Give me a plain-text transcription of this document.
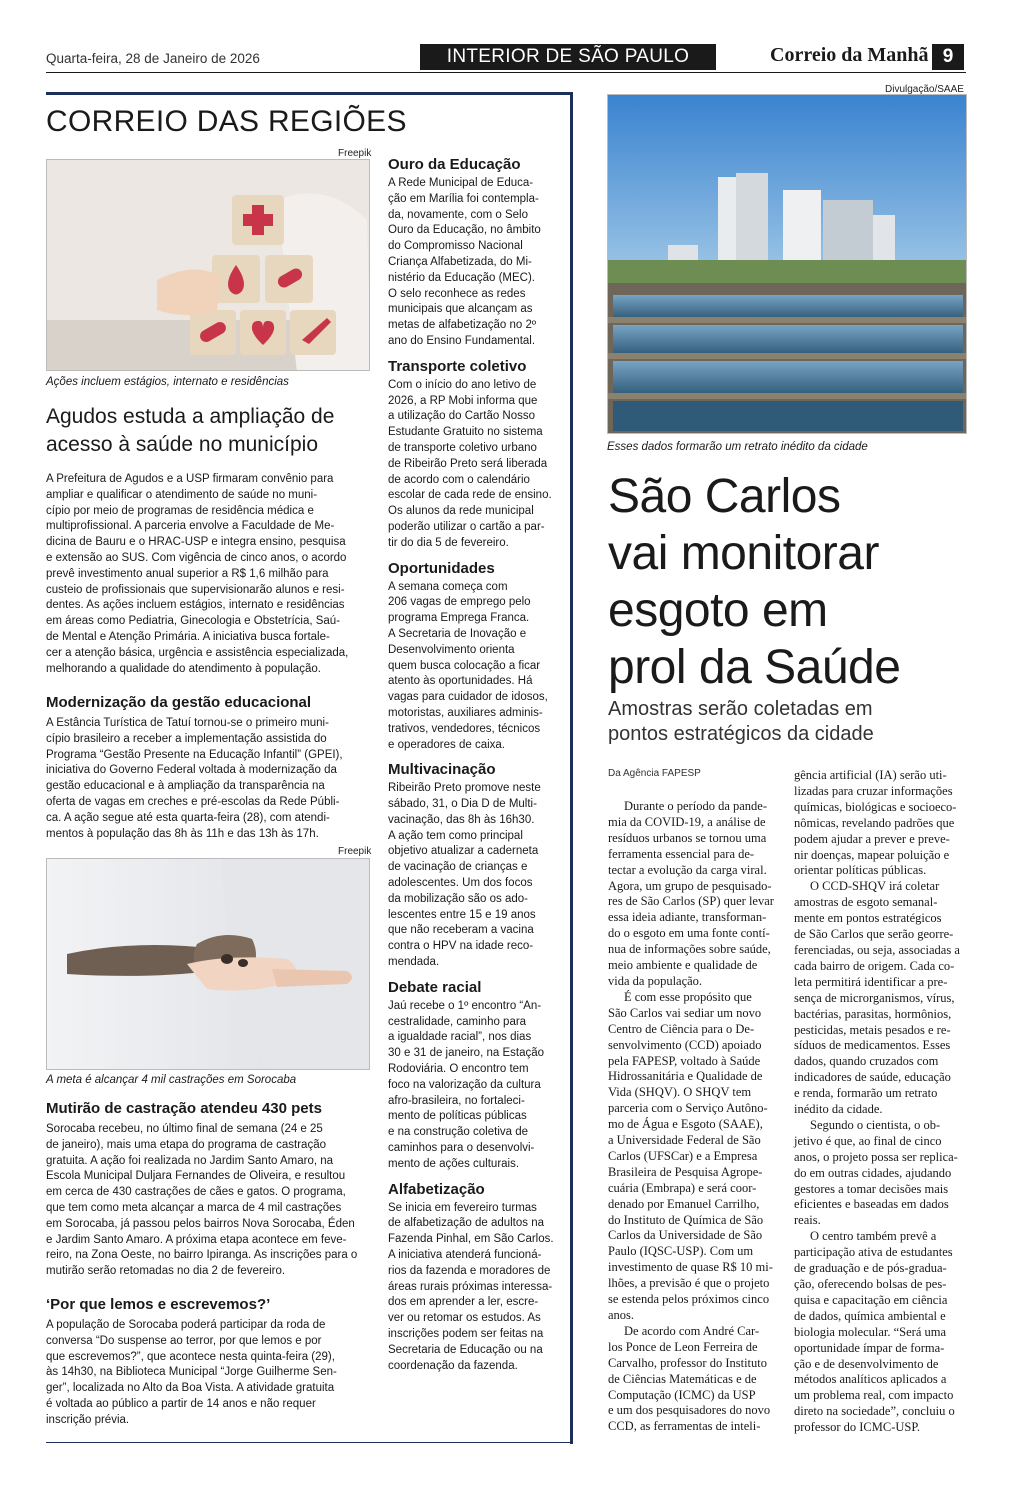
Quarta-feira, 28 de Janeiro de 2026	INTERIOR DE SÃO PAULO	Correio da Manhã 9
CORREIO DAS REGIÕES
Freepik
Ações incluem estágios, internato e residências
Agudos estuda a ampliação de acesso à saúde no município
A Prefeitura de Agudos e a USP firmaram convênio para
ampliar e qualificar o atendimento de saúde no muni-
cípio por meio de programas de residência médica e
multiprofissional. A parceria envolve a Faculdade de Me-
dicina de Bauru e o HRAC-USP e integra ensino, pesquisa
e extensão ao SUS. Com vigência de cinco anos, o acordo
prevê investimento anual superior a R$ 1,6 milhão para
custeio de profissionais que supervisionarão alunos e resi-
dentes. As ações incluem estágios, internato e residências
em áreas como Pediatria, Ginecologia e Obstetrícia, Saú-
de Mental e Atenção Primária. A iniciativa busca fortale-
cer a atenção básica, urgência e assistência especializada,
melhorando a qualidade do atendimento à população.
Modernização da gestão educacional
A Estância Turística de Tatuí tornou-se o primeiro muni-
cípio brasileiro a receber a implementação assistida do
Programa “Gestão Presente na Educação Infantil” (GPEI),
iniciativa do Governo Federal voltada à modernização da
gestão educacional e à ampliação da transparência na
oferta de vagas em creches e pré-escolas da Rede Públi-
ca. A ação segue até esta quarta-feira (28), com atendi-
mentos à população das 8h às 11h e das 13h às 17h.
Freepik
A meta é alcançar 4 mil castrações em Sorocaba
Mutirão de castração atendeu 430 pets
Sorocaba recebeu, no último final de semana (24 e 25
de janeiro), mais uma etapa do programa de castração
gratuita. A ação foi realizada no Jardim Santo Amaro, na
Escola Municipal Duljara Fernandes de Oliveira, e resultou
em cerca de 430 castrações de cães e gatos. O programa,
que tem como meta alcançar a marca de 4 mil castrações
em Sorocaba, já passou pelos bairros Nova Sorocaba, Éden
e Jardim Santo Amaro. A próxima etapa acontece em feve-
reiro, na Zona Oeste, no bairro Ipiranga. As inscrições para o
mutirão serão retomadas no dia 2 de fevereiro.
‘Por que lemos e escrevemos?’
A população de Sorocaba poderá participar da roda de
conversa “Do suspense ao terror, por que lemos e por
que escrevemos?”, que acontece nesta quinta-feira (29),
às 14h30, na Biblioteca Municipal “Jorge Guilherme Sen-
ger”, localizada no Alto da Boa Vista. A atividade gratuita
é voltada ao público a partir de 14 anos e não requer
inscrição prévia.
Ouro da Educação
A Rede Municipal de Educa-
ção em Marília foi contempla-
da, novamente, com o Selo
Ouro da Educação, no âmbito
do Compromisso Nacional
Criança Alfabetizada, do Mi-
nistério da Educação (MEC).
O selo reconhece as redes
municipais que alcançam as
metas de alfabetização no 2º
ano do Ensino Fundamental.
Transporte coletivo
Com o início do ano letivo de
2026, a RP Mobi informa que
a utilização do Cartão Nosso
Estudante Gratuito no sistema
de transporte coletivo urbano
de Ribeirão Preto será liberada
de acordo com o calendário
escolar de cada rede de ensino.
Os alunos da rede municipal
poderão utilizar o cartão a par-
tir do dia 5 de fevereiro.
Oportunidades
A semana começa com
206 vagas de emprego pelo
programa Emprega Franca.
A Secretaria de Inovação e
Desenvolvimento orienta
quem busca colocação a ficar
atento às oportunidades. Há
vagas para cuidador de idosos,
motoristas, auxiliares adminis-
trativos, vendedores, técnicos
e operadores de caixa.
Multivacinação
Ribeirão Preto promove neste
sábado, 31, o Dia D de Multi-
vacinação, das 8h às 16h30.
A ação tem como principal
objetivo atualizar a caderneta
de vacinação de crianças e
adolescentes. Um dos focos
da mobilização são os ado-
lescentes entre 15 e 19 anos
que não receberam a vacina
contra o HPV na idade reco-
mendada.
Debate racial
Jaú recebe o 1º encontro “An-
cestralidade, caminho para
a igualdade racial”, nos dias
30 e 31 de janeiro, na Estação
Rodoviária. O encontro tem
foco na valorização da cultura
afro-brasileira, no fortaleci-
mento de políticas públicas
e na construção coletiva de
caminhos para o desenvolvi-
mento de ações culturais.
Alfabetização
Se inicia em fevereiro turmas
de alfabetização de adultos na
Fazenda Pinhal, em São Carlos.
A iniciativa atenderá funcioná-
rios da fazenda e moradores de
áreas rurais próximas interessa-
dos em aprender a ler, escre-
ver ou retomar os estudos. As
inscrições podem ser feitas na
Secretaria de Educação ou na
coordenação da fazenda.
Divulgação/SAAE
Esses dados formarão um retrato inédito da cidade
São Carlos
vai monitorar
esgoto em
prol da Saúde
Amostras serão coletadas em
pontos estratégicos da cidade
Da Agência FAPESP
Durante o período da pande-
mia da COVID-19, a análise de
resíduos urbanos se tornou uma
ferramenta essencial para de-
tectar a evolução da carga viral.
Agora, um grupo de pesquisado-
res de São Carlos (SP) quer levar
essa ideia adiante, transforman-
do o esgoto em uma fonte contí-
nua de informações sobre saúde,
meio ambiente e qualidade de
vida da população.
É com esse propósito que
São Carlos vai sediar um novo
Centro de Ciência para o De-
senvolvimento (CCD) apoiado
pela FAPESP, voltado à Saúde
Hidrossanitária e Qualidade de
Vida (SHQV). O SHQV tem
parceria com o Serviço Autôno-
mo de Água e Esgoto (SAAE),
a Universidade Federal de São
Carlos (UFSCar) e a Empresa
Brasileira de Pesquisa Agrope-
cuária (Embrapa) e será coor-
denado por Emanuel Carrilho,
do Instituto de Química de São
Carlos da Universidade de São
Paulo (IQSC-USP). Com um
investimento de quase R$ 10 mi-
lhões, a previsão é que o projeto
se estenda pelos próximos cinco
anos.
De acordo com André Car-
los Ponce de Leon Ferreira de
Carvalho, professor do Instituto
de Ciências Matemáticas e de
Computação (ICMC) da USP
e um dos pesquisadores do novo
CCD, as ferramentas de inteli-
gência artificial (IA) serão uti-
lizadas para cruzar informações
químicas, biológicas e socioeco-
nômicas, revelando padrões que
podem ajudar a prever e preve-
nir doenças, mapear poluição e
orientar políticas públicas.
O CCD-SHQV irá coletar
amostras de esgoto semanal-
mente em pontos estratégicos
de São Carlos que serão georre-
ferenciadas, ou seja, associadas a
cada bairro de origem. Cada co-
leta permitirá identificar a pre-
sença de microrganismos, vírus,
bactérias, parasitas, hormônios,
pesticidas, metais pesados e re-
síduos de medicamentos. Esses
dados, quando cruzados com
indicadores de saúde, educação
e renda, formarão um retrato
inédito da cidade.
Segundo o cientista, o ob-
jetivo é que, ao final de cinco
anos, o projeto possa ser replica-
do em outras cidades, ajudando
gestores a tomar decisões mais
eficientes e baseadas em dados
reais.
O centro também prevê a
participação ativa de estudantes
de graduação e de pós-gradua-
ção, oferecendo bolsas de pes-
quisa e capacitação em ciência
de dados, química ambiental e
biologia molecular. “Será uma
oportunidade ímpar de forma-
ção e de desenvolvimento de
métodos analíticos aplicados a
um problema real, com impacto
direto na sociedade”, concluiu o
professor do ICMC-USP.
